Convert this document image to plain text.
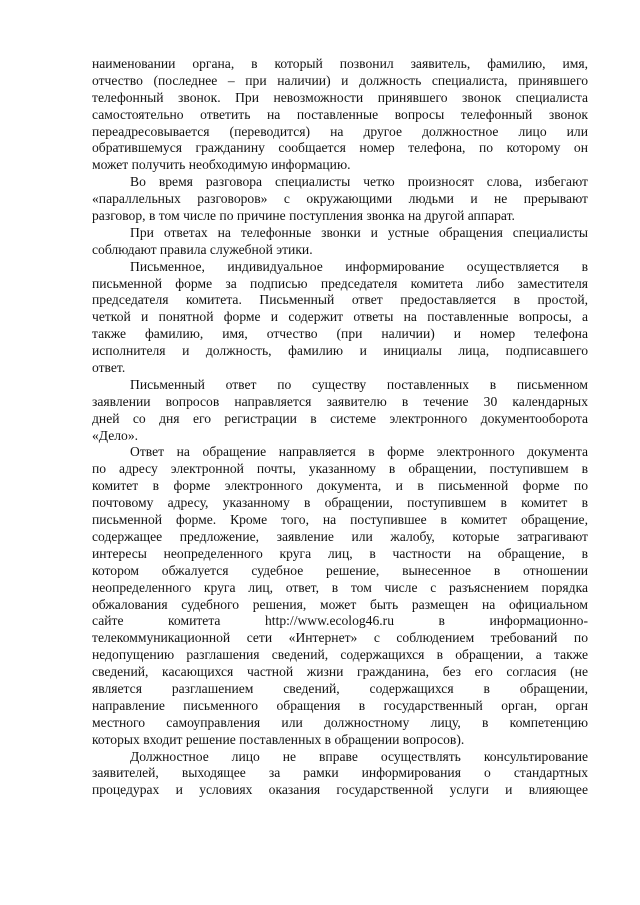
наименовании органа, в который позвонил заявитель, фамилию, имя,
отчество (последнее – при наличии) и должность специалиста, принявшего
телефонный звонок. При невозможности принявшего звонок специалиста
самостоятельно ответить на поставленные вопросы телефонный звонок
переадресовывается (переводится) на другое должностное лицо или
обратившемуся гражданину сообщается номер телефона, по которому он
может получить необходимую информацию.
Во время разговора специалисты четко произносят слова, избегают
«параллельных разговоров» с окружающими людьми и не прерывают
разговор, в том числе по причине поступления звонка на другой аппарат.
При ответах на телефонные звонки и устные обращения специалисты
соблюдают правила служебной этики.
Письменное, индивидуальное информирование осуществляется в
письменной форме за подписью председателя комитета либо заместителя
председателя комитета. Письменный ответ предоставляется в простой,
четкой и понятной форме и содержит ответы на поставленные вопросы, а
также фамилию, имя, отчество (при наличии) и номер телефона
исполнителя и должность, фамилию и инициалы лица, подписавшего
ответ.
Письменный ответ по существу поставленных в письменном
заявлении вопросов направляется заявителю в течение 30 календарных
дней со дня его регистрации в системе электронного документооборота
«Дело».
Ответ на обращение направляется в форме электронного документа
по адресу электронной почты, указанному в обращении, поступившем в
комитет в форме электронного документа, и в письменной форме по
почтовому адресу, указанному в обращении, поступившем в комитет в
письменной форме. Кроме того, на поступившее в комитет обращение,
содержащее предложение, заявление или жалобу, которые затрагивают
интересы неопределенного круга лиц, в частности на обращение, в
котором обжалуется судебное решение, вынесенное в отношении
неопределенного круга лиц, ответ, в том числе с разъяснением порядка
обжалования судебного решения, может быть размещен на официальном
сайте комитета http://www.ecolog46.ru в информационно-
телекоммуникационной сети «Интернет» с соблюдением требований по
недопущению разглашения сведений, содержащихся в обращении, а также
сведений, касающихся частной жизни гражданина, без его согласия (не
является разглашением сведений, содержащихся в обращении,
направление письменного обращения в государственный орган, орган
местного самоуправления или должностному лицу, в компетенцию
которых входит решение поставленных в обращении вопросов).
Должностное лицо не вправе осуществлять консультирование
заявителей, выходящее за рамки информирования о стандартных
процедурах и условиях оказания государственной услуги и влияющее
